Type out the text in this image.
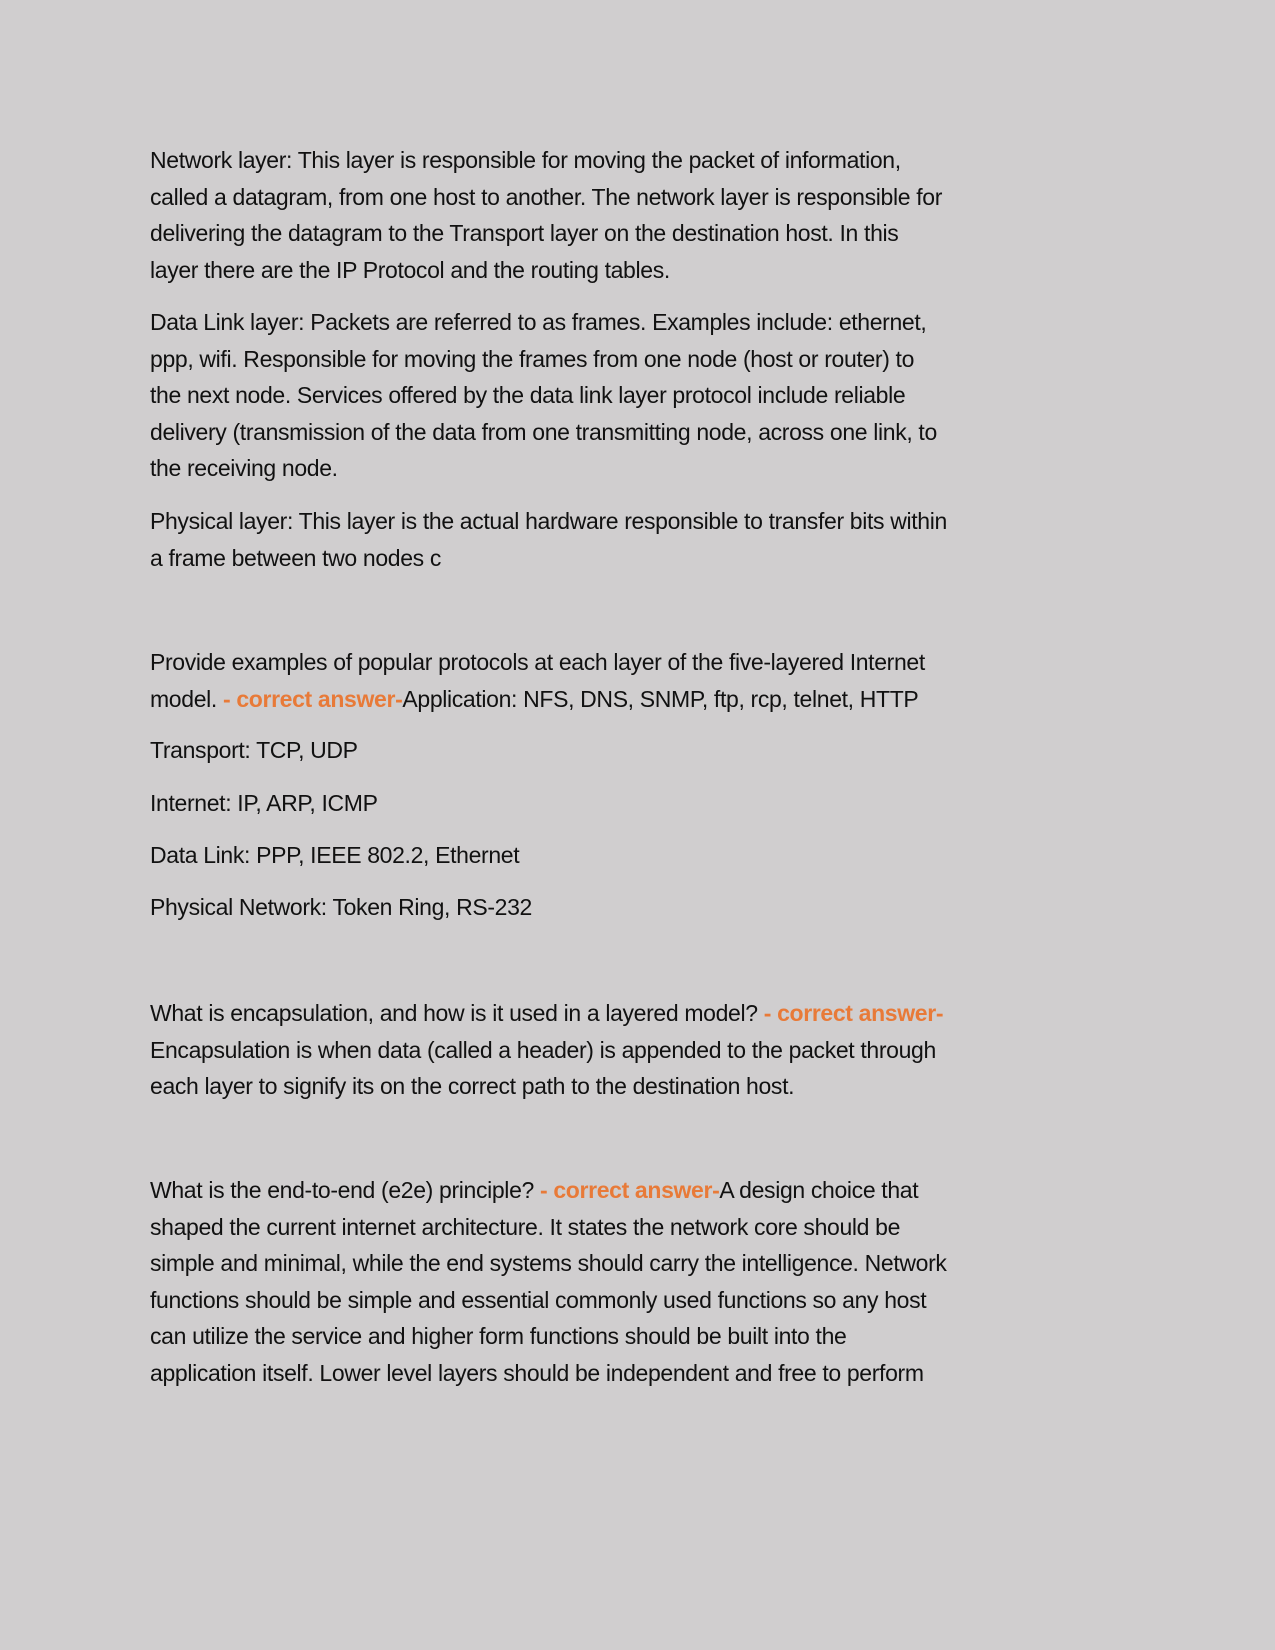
Network layer: This layer is responsible for moving the packet of information,
called a datagram, from one host to another. The network layer is responsible for
delivering the datagram to the Transport layer on the destination host. In this
layer there are the IP Protocol and the routing tables.
Data Link layer: Packets are referred to as frames. Examples include: ethernet,
ppp, wifi. Responsible for moving the frames from one node (host or router) to
the next node. Services offered by the data link layer protocol include reliable
delivery (transmission of the data from one transmitting node, across one link, to
the receiving node.
Physical layer: This layer is the actual hardware responsible to transfer bits within
a frame between two nodes c
Provide examples of popular protocols at each layer of the five-layered Internet
model. - correct answer-Application: NFS, DNS, SNMP, ftp, rcp, telnet, HTTP
Transport: TCP, UDP
Internet: IP, ARP, ICMP
Data Link: PPP, IEEE 802.2, Ethernet
Physical Network: Token Ring, RS-232
What is encapsulation, and how is it used in a layered model? - correct answer-
Encapsulation is when data (called a header) is appended to the packet through
each layer to signify its on the correct path to the destination host.
What is the end-to-end (e2e) principle? - correct answer-A design choice that
shaped the current internet architecture. It states the network core should be
simple and minimal, while the end systems should carry the intelligence. Network
functions should be simple and essential commonly used functions so any host
can utilize the service and higher form functions should be built into the
application itself. Lower level layers should be independent and free to perform
